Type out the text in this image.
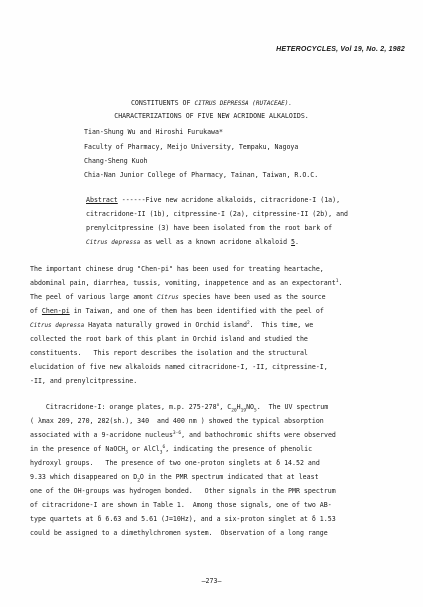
HETEROCYCLES, Vol 19, No. 2, 1982
CONSTITUENTS OF CITRUS DEPRESSA (RUTACEAE).
CHARACTERIZATIONS OF FIVE NEW ACRIDONE ALKALOIDS.
Tian-Shung Wu and Hiroshi Furukawa*
Faculty of Pharmacy, Meijo University, Tempaku, Nagoya
Chang-Sheng Kuoh
Chia-Nan Junior College of Pharmacy, Tainan, Taiwan, R.O.C.
Abstract ------Five new acridone alkaloids, citracridone-I (1a),
citracridone-II (1b), citpressine-I (2a), citpressine-II (2b), and
prenylcitpressine (3) have been isolated from the root bark of
Citrus depressa as well as a known acridone alkaloid 5.
The important chinese drug "Chen-pi" has been used for treating heartache,
abdominal pain, diarrhea, tussis, vomiting, inappetence and as an expectorant$^1$.
The peel of various large amont Citrus species have been used as the source
of Chen-pi in Taiwan, and one of them has been identified with the peel of
Citrus depressa Hayata naturally growed in Orchid island$^2$.  This time, we
collected the root bark of this plant in Orchid island and studied the
constituents.   This report describes the isolation and the structural
elucidation of five new alkaloids named citracridone-I, -II, citpressine-I,
-II, and prenylcitpressine.
Citracridone-I: orange plates, m.p. 275-278$^o$, $C_{20}H_{19}NO_5$.  The UV spectrum
( λmax 209, 270, 282(sh.), 340  and 400 nm ) showed the typical absorption
associated with a 9-acridone nucleus$^{3-6}$, and bathochromic shifts were observed
in the presence of NaOCH$_3$ or AlCl$_3^6$, indicating the presence of phenolic
hydroxyl groups.   The presence of two one-proton singlets at δ 14.52 and
9.33 which disappeared on $D_2O$ in the PMR spectrum indicated that at least
one of the OH-groups was hydrogen bonded.   Other signals in the PMR spectrum
of citracridone-I are shown in Table 1.  Among those signals, one of two AB-
type quartets at δ 6.63 and 5.61 (J=10Hz), and a six-proton singlet at δ 1.53
could be assigned to a dimethylchromen system.  Observation of a long range
—273—
